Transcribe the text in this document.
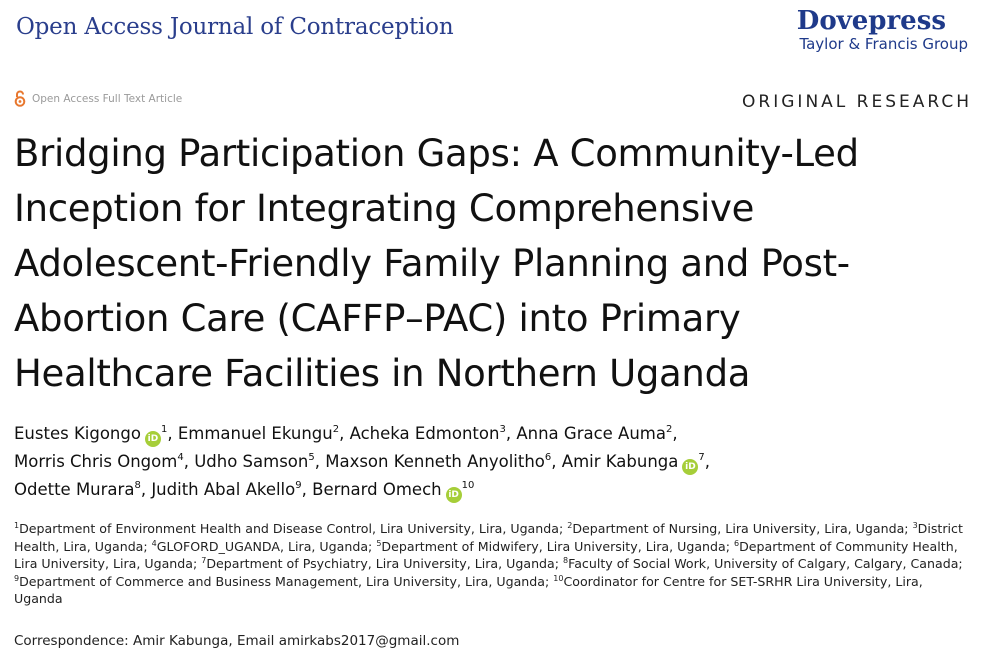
Open Access Journal of Contraception	Dovepress
Taylor & Francis Group
Open Access Full Text Article	ORIGINAL RESEARCH
Bridging Participation Gaps: A Community-Led
Inception for Integrating Comprehensive
Adolescent-Friendly Family Planning and Post-
Abortion Care (CAFFP–PAC) into Primary
Healthcare Facilities in Northern Uganda
Eustes Kigongo $iD^1$, Emmanuel Ekungu$^2$, Acheka Edmonton$^3$, Anna Grace Auma$^2$,
Morris Chris Ongom$^4$, Udho Samson$^5$, Maxson Kenneth Anyolitho$^6$, Amir Kabunga $iD^7$,
Odette Murara$^8$, Judith Abal Akello$^9$, Bernard Omech $iD^{10}$
$^1$Department of Environment Health and Disease Control, Lira University, Lira, Uganda; $^2$Department of Nursing, Lira University, Lira, Uganda; $^3$District Health, Lira, Uganda; $^4$GLOFORD_UGANDA, Lira, Uganda; $^5$Department of Midwifery, Lira University, Lira, Uganda; $^6$Department of Community Health, Lira University, Lira, Uganda; $^7$Department of Psychiatry, Lira University, Lira, Uganda; $^8$Faculty of Social Work, University of Calgary, Calgary, Canada; $^9$Department of Commerce and Business Management, Lira University, Lira, Uganda; $^{10}$Coordinator for Centre for SET-SRHR Lira University, Lira, Uganda
Correspondence: Amir Kabunga, Email amirkabs2017@gmail.com
